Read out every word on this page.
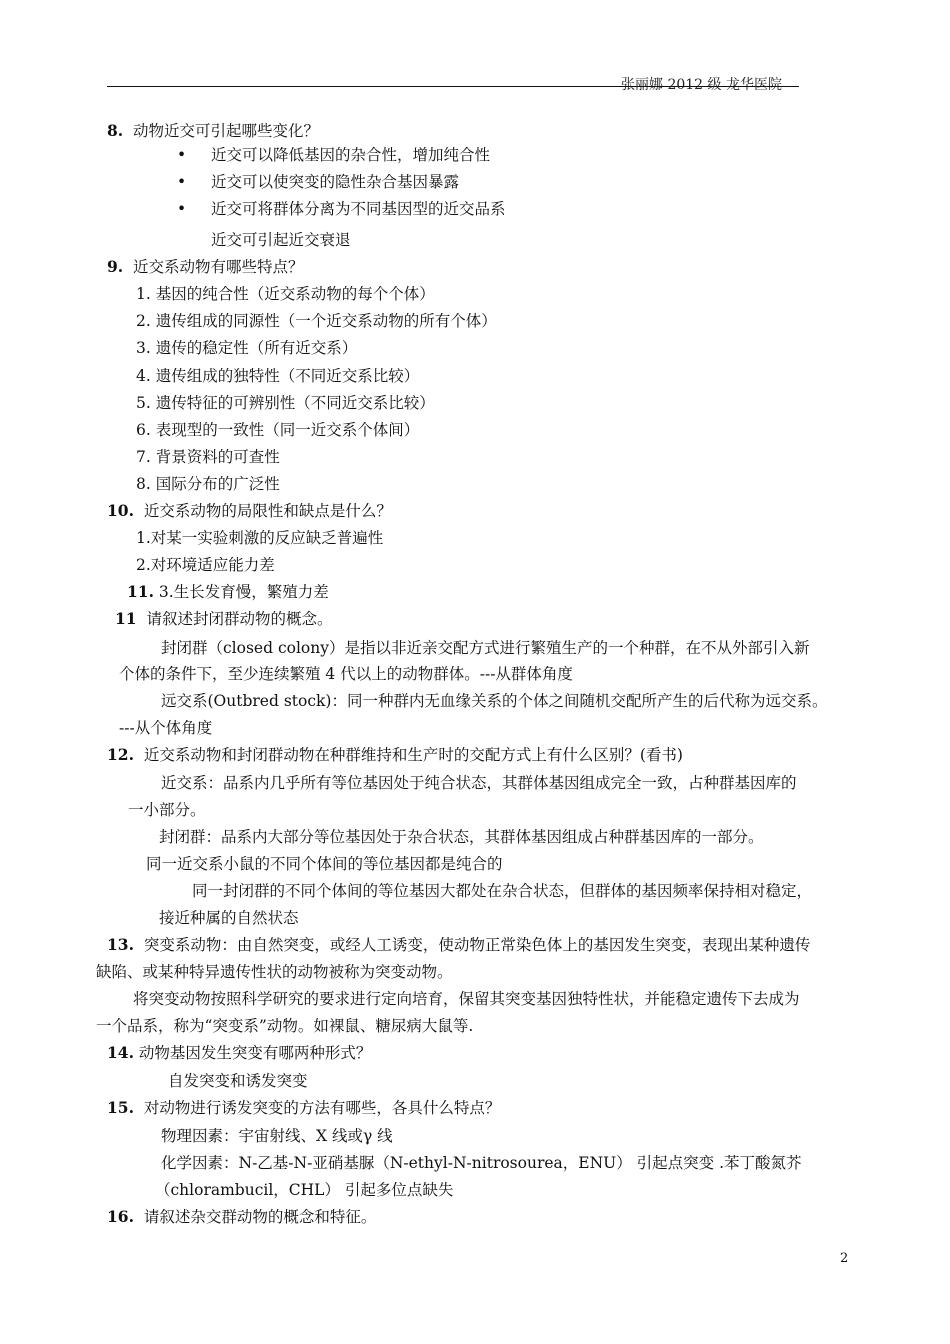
张丽娜 2012 级 龙华医院
8. 动物近交可引起哪些变化？
• 近交可以降低基因的杂合性，增加纯合性
• 近交可以使突变的隐性杂合基因暴露
• 近交可将群体分离为不同基因型的近交品系
近交可引起近交衰退
9. 近交系动物有哪些特点？
1. 基因的纯合性（近交系动物的每个个体）
2. 遗传组成的同源性（一个近交系动物的所有个体）
3. 遗传的稳定性（所有近交系）
4. 遗传组成的独特性（不同近交系比较）
5. 遗传特征的可辨别性（不同近交系比较）
6. 表现型的一致性（同一近交系个体间）
7. 背景资料的可查性
8. 国际分布的广泛性
10. 近交系动物的局限性和缺点是什么？
1.对某一实验刺激的反应缺乏普遍性
2.对环境适应能力差
11. 3.生长发育慢，繁殖力差
11 请叙述封闭群动物的概念。
封闭群（closed colony）是指以非近亲交配方式进行繁殖生产的一个种群，在不从外部引入新
个体的条件下，至少连续繁殖 4 代以上的动物群体。---从群体角度
远交系(Outbred stock)：同一种群内无血缘关系的个体之间随机交配所产生的后代称为远交系。
---从个体角度
12. 近交系动物和封闭群动物在种群维持和生产时的交配方式上有什么区别？(看书)
近交系：品系内几乎所有等位基因处于纯合状态，其群体基因组成完全一致，占种群基因库的
一小部分。
封闭群：品系内大部分等位基因处于杂合状态，其群体基因组成占种群基因库的一部分。
同一近交系小鼠的不同个体间的等位基因都是纯合的
同一封闭群的不同个体间的等位基因大都处在杂合状态，但群体的基因频率保持相对稳定，
接近种属的自然状态
13. 突变系动物：由自然突变，或经人工诱变，使动物正常染色体上的基因发生突变，表现出某种遗传
缺陷、或某种特异遗传性状的动物被称为突变动物。
将突变动物按照科学研究的要求进行定向培育，保留其突变基因独特性状，并能稳定遗传下去成为
一个品系，称为“突变系”动物。如裸鼠、糖尿病大鼠等.
14. 动物基因发生突变有哪两种形式？
自发突变和诱发突变
15. 对动物进行诱发突变的方法有哪些，各具什么特点？
物理因素：宇宙射线、X 线或γ 线
化学因素：N-乙基-N-亚硝基脲（N-ethyl-N-nitrosourea，ENU） 引起点突变 .苯丁酸氮芥
（chlorambucil，CHL） 引起多位点缺失
16. 请叙述杂交群动物的概念和特征。
2
